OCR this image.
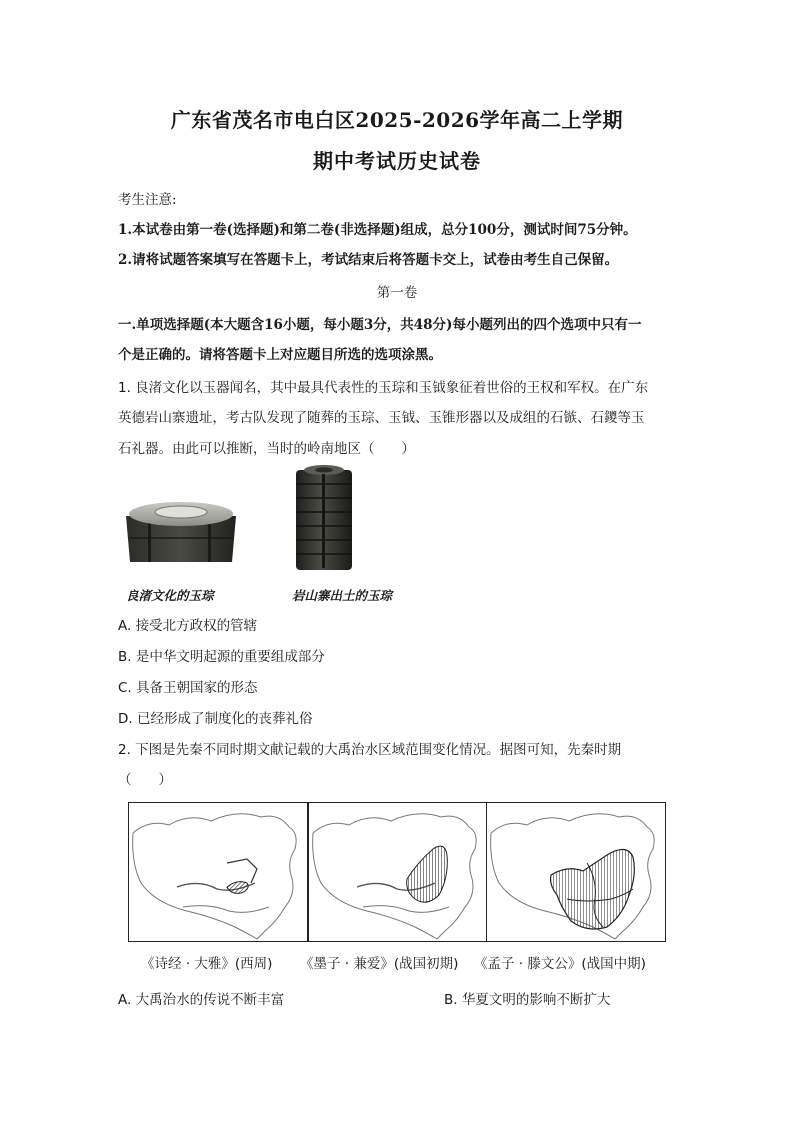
广东省茂名市电白区2025-2026学年高二上学期
期中考试历史试卷
考生注意:
1.本试卷由第一卷(选择题)和第二卷(非选择题)组成，总分100分，测试时间75分钟。
2.请将试题答案填写在答题卡上，考试结束后将答题卡交上，试卷由考生自己保留。
第一卷
一.单项选择题(本大题含16小题，每小题3分，共48分)每小题列出的四个选项中只有一
个是正确的。请将答题卡上对应题目所选的选项涂黑。
1. 良渚文化以玉器闻名，其中最具代表性的玉琮和玉钺象征着世俗的王权和军权。在广东
英德岩山寨遗址，考古队发现了随葬的玉琮、玉钺、玉锥形器以及成组的石镞、石鑁等玉
石礼器。由此可以推断，当时的岭南地区（　　）
良渚文化的玉琮	岩山寨出土的玉琮
A. 接受北方政权的管辖
B. 是中华文明起源的重要组成部分
C. 具备王朝国家的形态
D. 已经形成了制度化的丧葬礼俗
2. 下图是先秦不同时期文献记载的大禹治水区域范围变化情况。据图可知，先秦时期
（　　）
《诗经 · 大雅》(西周) 《墨子 · 兼爱》(战国初期) 《孟子 · 滕文公》(战国中期)
A. 大禹治水的传说不断丰富	B. 华夏文明的影响不断扩大
